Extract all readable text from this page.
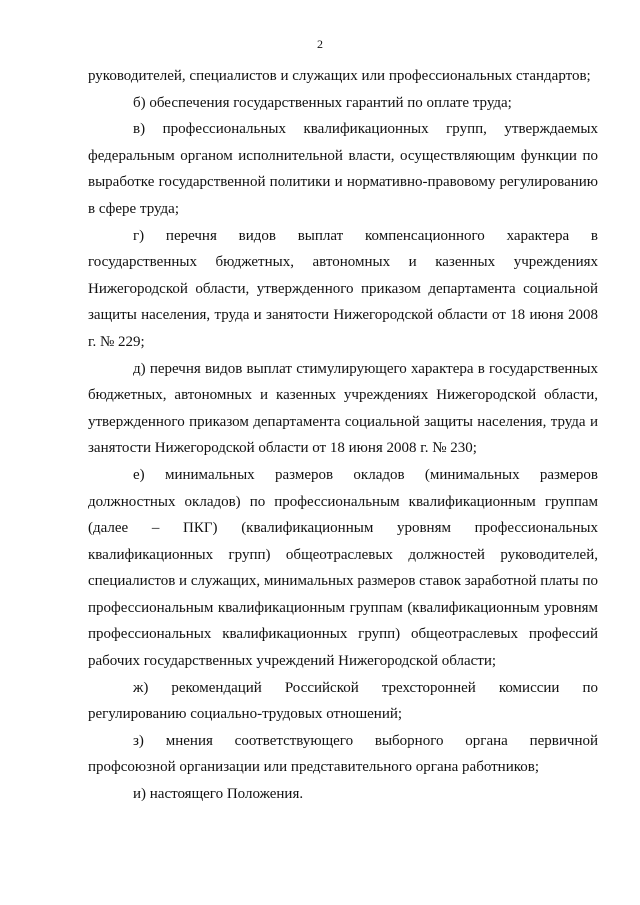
2

руководителей, специалистов и служащих или профессиональных стандартов;

б) обеспечения государственных гарантий по оплате труда;

в) профессиональных квалификационных групп, утверждаемых федеральным органом исполнительной власти, осуществляющим функции по выработке государственной политики и нормативно-правовому регулированию в сфере труда;

г) перечня видов выплат компенсационного характера в государственных бюджетных, автономных и казенных учреждениях Нижегородской области, утвержденного приказом департамента социальной защиты населения, труда и занятости Нижегородской области от 18 июня 2008 г. № 229;

д) перечня видов выплат стимулирующего характера в государственных бюджетных, автономных и казенных учреждениях Нижегородской области, утвержденного приказом департамента социальной защиты населения, труда и занятости Нижегородской области от 18 июня 2008 г. № 230;

е) минимальных размеров окладов (минимальных размеров должностных окладов) по профессиональным квалификационным группам (далее – ПКГ) (квалификационным уровням профессиональных квалификационных групп) общеотраслевых должностей руководителей, специалистов и служащих, минимальных размеров ставок заработной платы по профессиональным квалификационным группам (квалификационным уровням профессиональных квалификационных групп) общеотраслевых профессий рабочих государственных учреждений Нижегородской области;

ж) рекомендаций Российской трехсторонней комиссии по регулированию социально-трудовых отношений;

з) мнения соответствующего выборного органа первичной профсоюзной организации или представительного органа работников;

и) настоящего Положения.
